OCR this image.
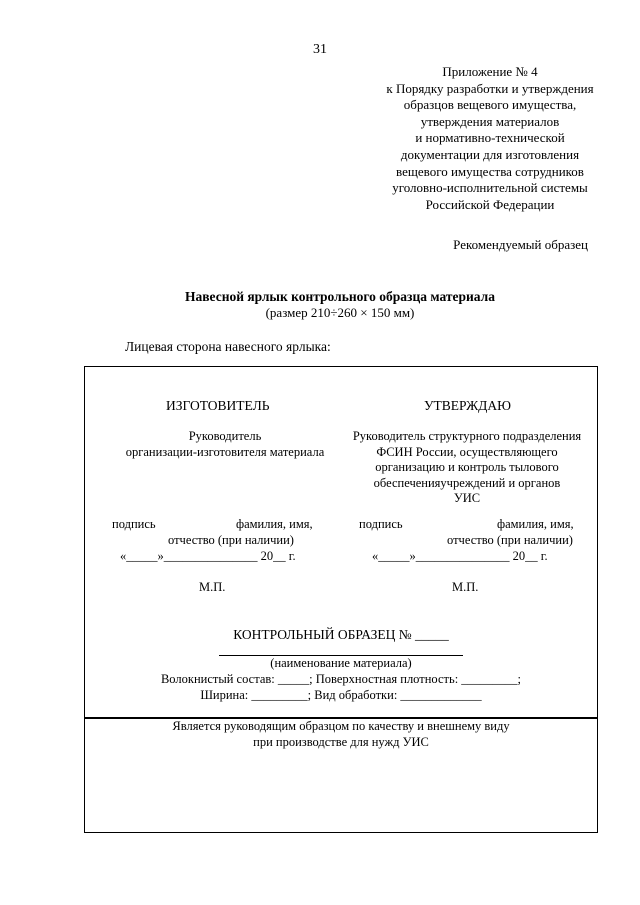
31
Приложение № 4
к Порядку разработки и утверждения
образцов вещевого имущества,
утверждения материалов
и нормативно-технической
документации для изготовления
вещевого имущества сотрудников
уголовно-исполнительной системы
Российской Федерации
Рекомендуемый образец
Навесной ярлык контрольного образца материала
(размер 210÷260 × 150 мм)
Лицевая сторона навесного ярлыка:
ИЗГОТОВИТЕЛЬ
Руководитель
организации-изготовителя материала
подпись	фамилия, имя,
отчество (при наличии)
«_____»_______________ 20__ г.
М.П.
УТВЕРЖДАЮ
Руководитель структурного подразделения
ФСИН России, осуществляющего
организацию и контроль тылового
обеспеченияучреждений и органов
УИС
подпись	фамилия, имя,
отчество (при наличии)
«_____»_______________ 20__ г.
М.П.
КОНТРОЛЬНЫЙ ОБРАЗЕЦ № _____
(наименование материала)
Волокнистый состав: _____; Поверхностная плотность: _________;
Ширина: _________; Вид обработки: _____________
Является руководящим образцом по качеству и внешнему виду
при производстве для нужд УИС
